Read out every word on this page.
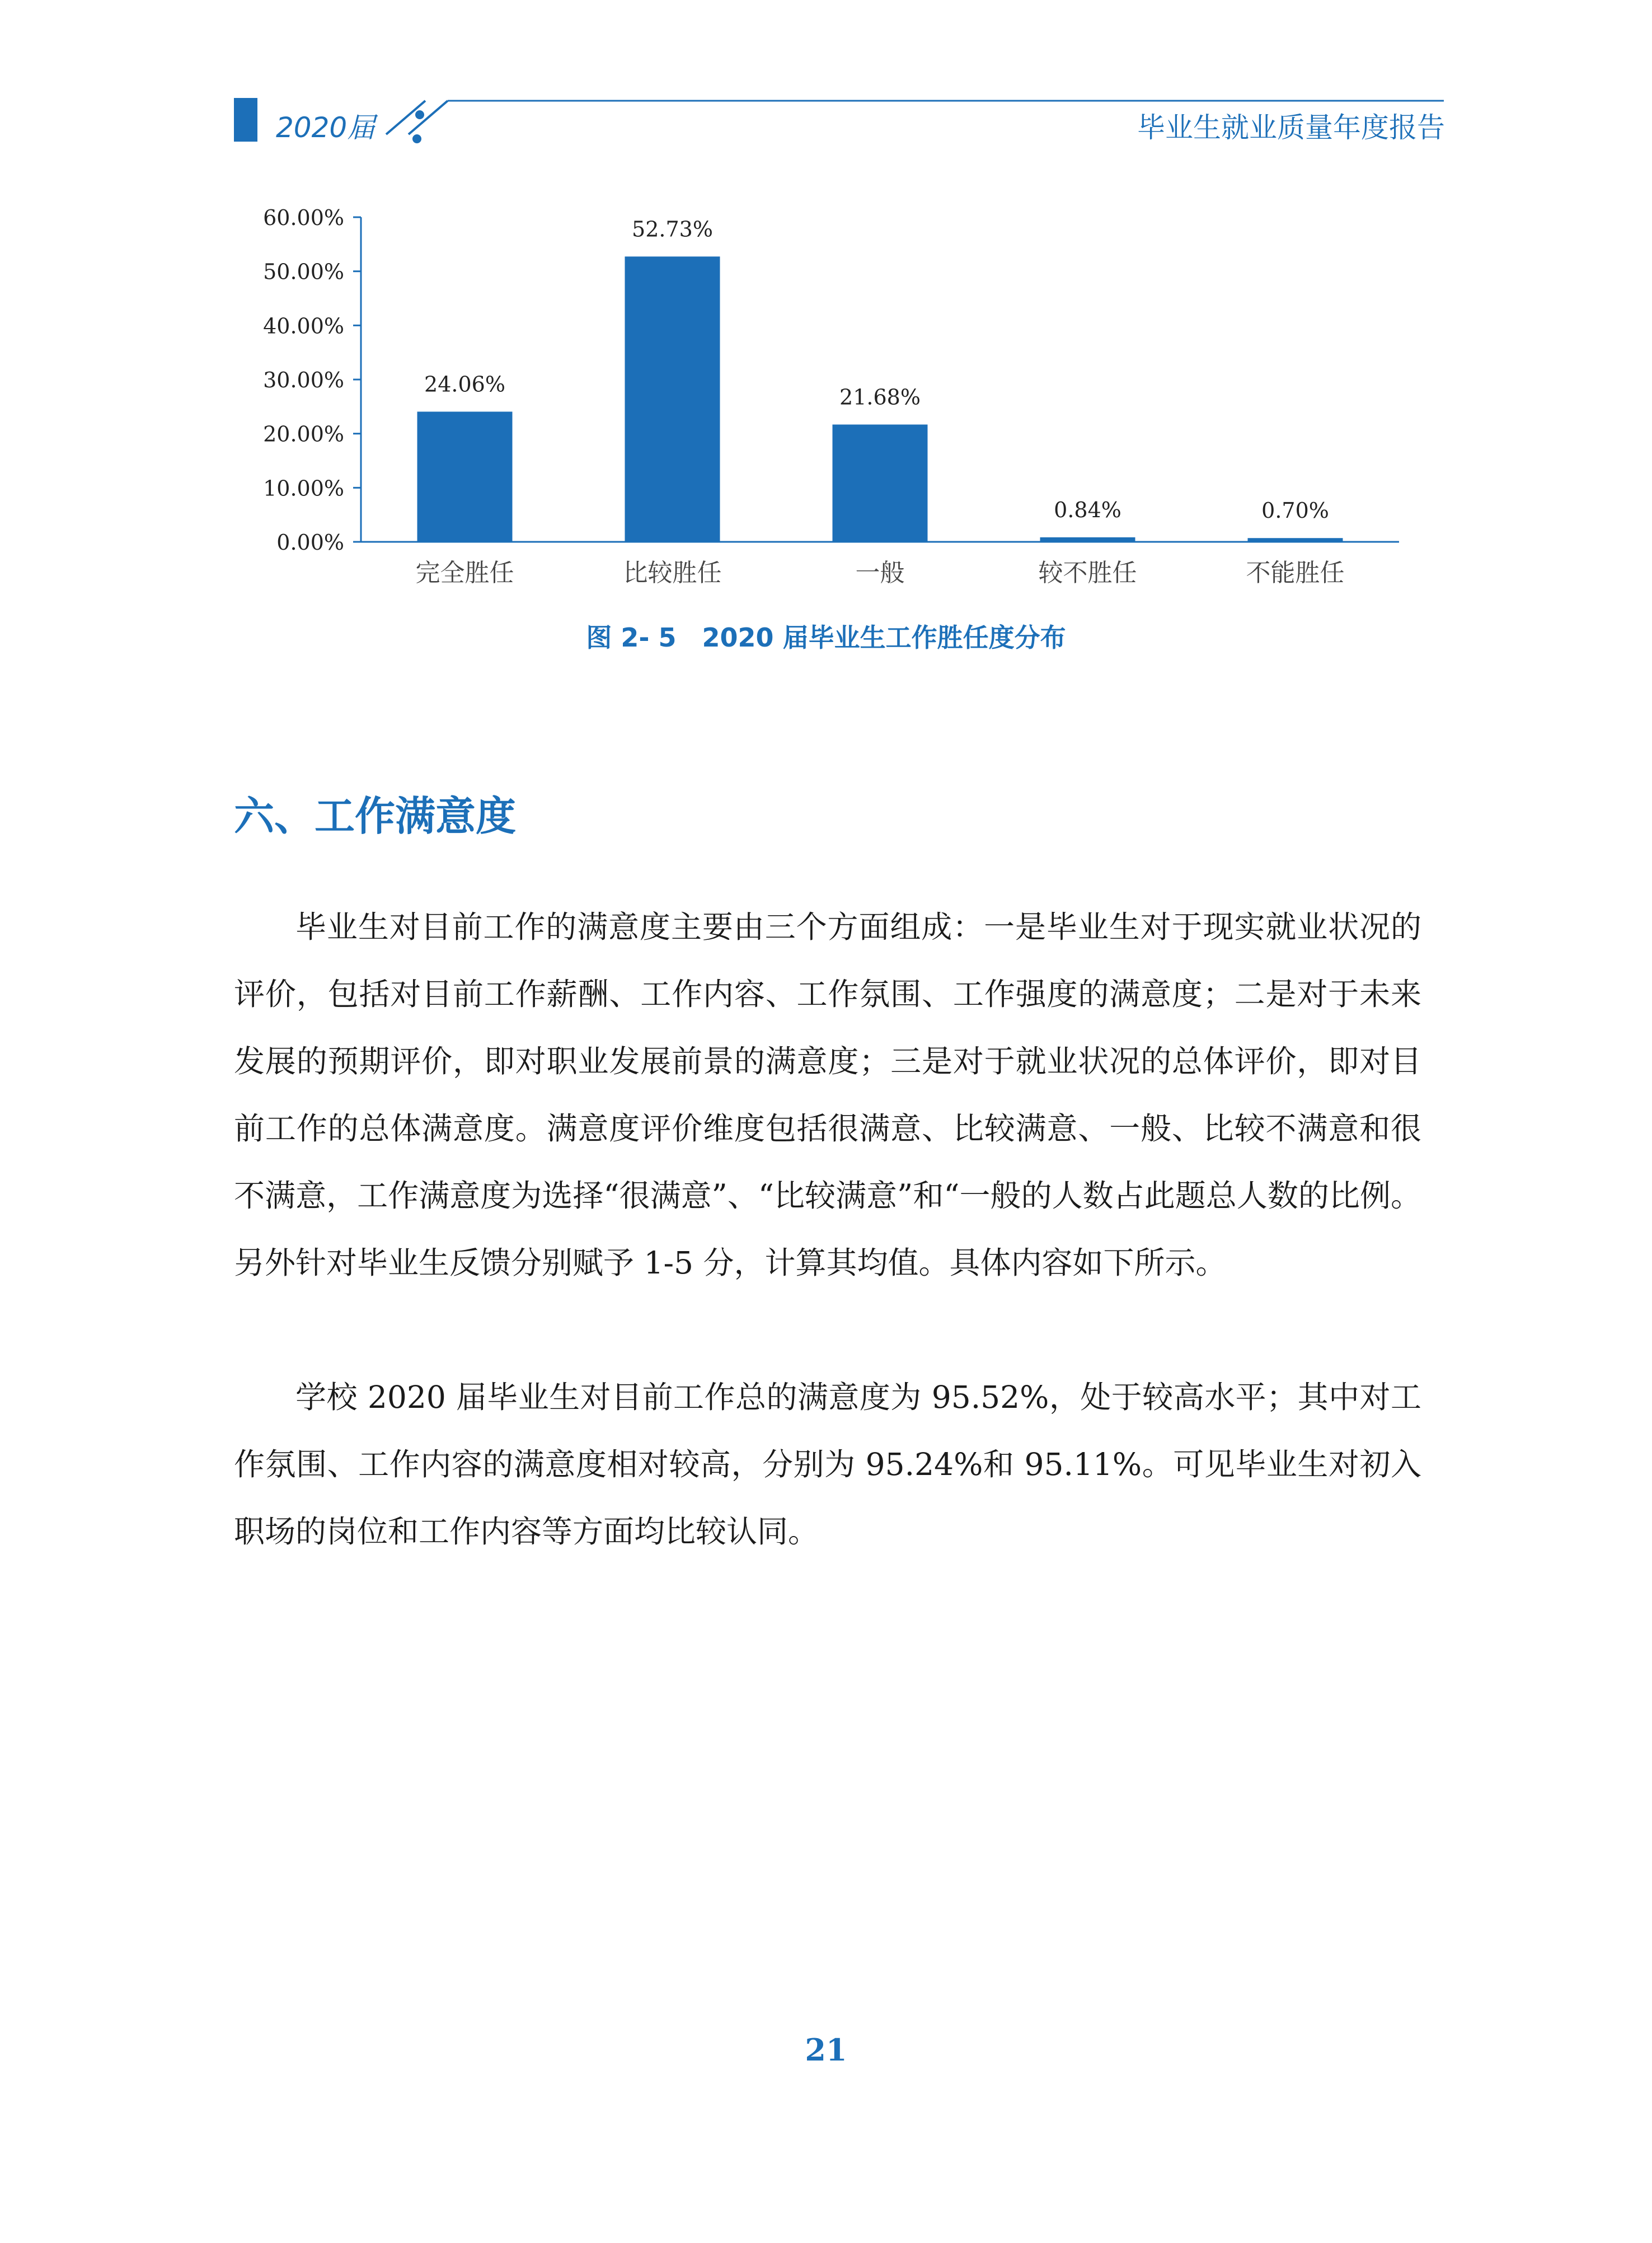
2020届	毕业生就业质量年度报告
0.00%
10.00%
20.00%
30.00%
40.00%
50.00%
60.00%
24.06%
完全胜任
52.73%
比较胜任
21.68%
一般
0.84%
较不胜任
0.70%
不能胜任
图 2- 5　2020 届毕业生工作胜任度分布
六、工作满意度

毕业生对目前工作的满意度主要由三个方面组成：一是毕业生对于现实就业状况的评价，包括对目前工作薪酬、工作内容、工作氛围、工作强度的满意度；二是对于未来发展的预期评价，即对职业发展前景的满意度；三是对于就业状况的总体评价，即对目前工作的总体满意度。满意度评价维度包括很满意、比较满意、一般、比较不满意和很不满意，工作满意度为选择“很满意”、“比较满意”和“一般的人数占此题总人数的比例。另外针对毕业生反馈分别赋予 1-5 分，计算其均值。具体内容如下所示。

学校 2020 届毕业生对目前工作总的满意度为 95.52%，处于较高水平；其中对工作氛围、工作内容的满意度相对较高，分别为 95.24%和 95.11%。可见毕业生对初入职场的岗位和工作内容等方面均比较认同。

21
